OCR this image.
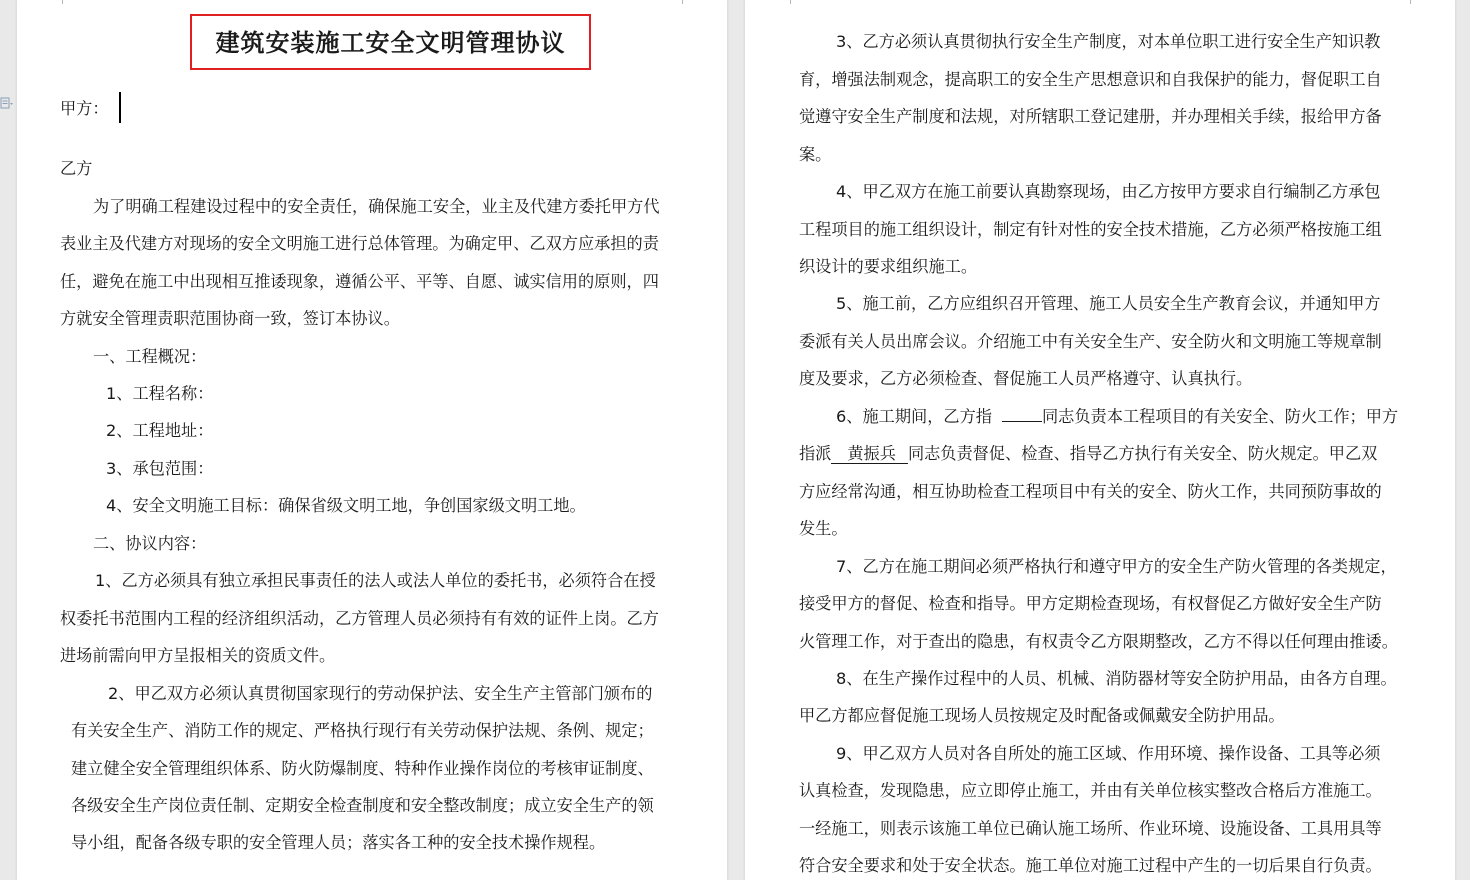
建筑安装施工安全文明管理协议
甲方：
乙方
为了明确工程建设过程中的安全责任，确保施工安全，业主及代建方委托甲方代
表业主及代建方对现场的安全文明施工进行总体管理。为确定甲、乙双方应承担的责
任，避免在施工中出现相互推诿现象，遵循公平、平等、自愿、诚实信用的原则，四
方就安全管理责职范围协商一致，签订本协议。
一、工程概况：
1、工程名称：
2、工程地址：
3、承包范围：
4、安全文明施工目标：确保省级文明工地，争创国家级文明工地。
二、协议内容：
1、乙方必须具有独立承担民事责任的法人或法人单位的委托书，必须符合在授
权委托书范围内工程的经济组织活动，乙方管理人员必须持有有效的证件上岗。乙方
进场前需向甲方呈报相关的资质文件。
2、甲乙双方必须认真贯彻国家现行的劳动保护法、安全生产主管部门颁布的
有关安全生产、消防工作的规定、严格执行现行有关劳动保护法规、条例、规定；
建立健全安全管理组织体系、防火防爆制度、特种作业操作岗位的考核审证制度、
各级安全生产岗位责任制、定期安全检查制度和安全整改制度；成立安全生产的领
导小组，配备各级专职的安全管理人员；落实各工种的安全技术操作规程。
3、乙方必须认真贯彻执行安全生产制度，对本单位职工进行安全生产知识教
育，增强法制观念，提高职工的安全生产思想意识和自我保护的能力，督促职工自
觉遵守安全生产制度和法规，对所辖职工登记建册，并办理相关手续，报给甲方备
案。
4、甲乙双方在施工前要认真勘察现场，由乙方按甲方要求自行编制乙方承包
工程项目的施工组织设计，制定有针对性的安全技术措施，乙方必须严格按施工组
织设计的要求组织施工。
5、施工前，乙方应组织召开管理、施工人员安全生产教育会议，并通知甲方
委派有关人员出席会议。介绍施工中有关安全生产、安全防火和文明施工等规章制
度及要求，乙方必须检查、督促施工人员严格遵守、认真执行。
6、施工期间，乙方指	同志负责本工程项目的有关安全、防火工作；甲方
指派 黄振兵 同志负责督促、检查、指导乙方执行有关安全、防火规定。甲乙双
方应经常沟通，相互协助检查工程项目中有关的安全、防火工作，共同预防事故的
发生。
7、乙方在施工期间必须严格执行和遵守甲方的安全生产防火管理的各类规定，
接受甲方的督促、检查和指导。甲方定期检查现场，有权督促乙方做好安全生产防
火管理工作，对于查出的隐患，有权责令乙方限期整改，乙方不得以任何理由推诿。
8、在生产操作过程中的人员、机械、消防器材等安全防护用品，由各方自理。
甲乙方都应督促施工现场人员按规定及时配备或佩戴安全防护用品。
9、甲乙双方人员对各自所处的施工区域、作用环境、操作设备、工具等必须
认真检查，发现隐患，应立即停止施工，并由有关单位核实整改合格后方准施工。
一经施工，则表示该施工单位已确认施工场所、作业环境、设施设备、工具用具等
符合安全要求和处于安全状态。施工单位对施工过程中产生的一切后果自行负责。
